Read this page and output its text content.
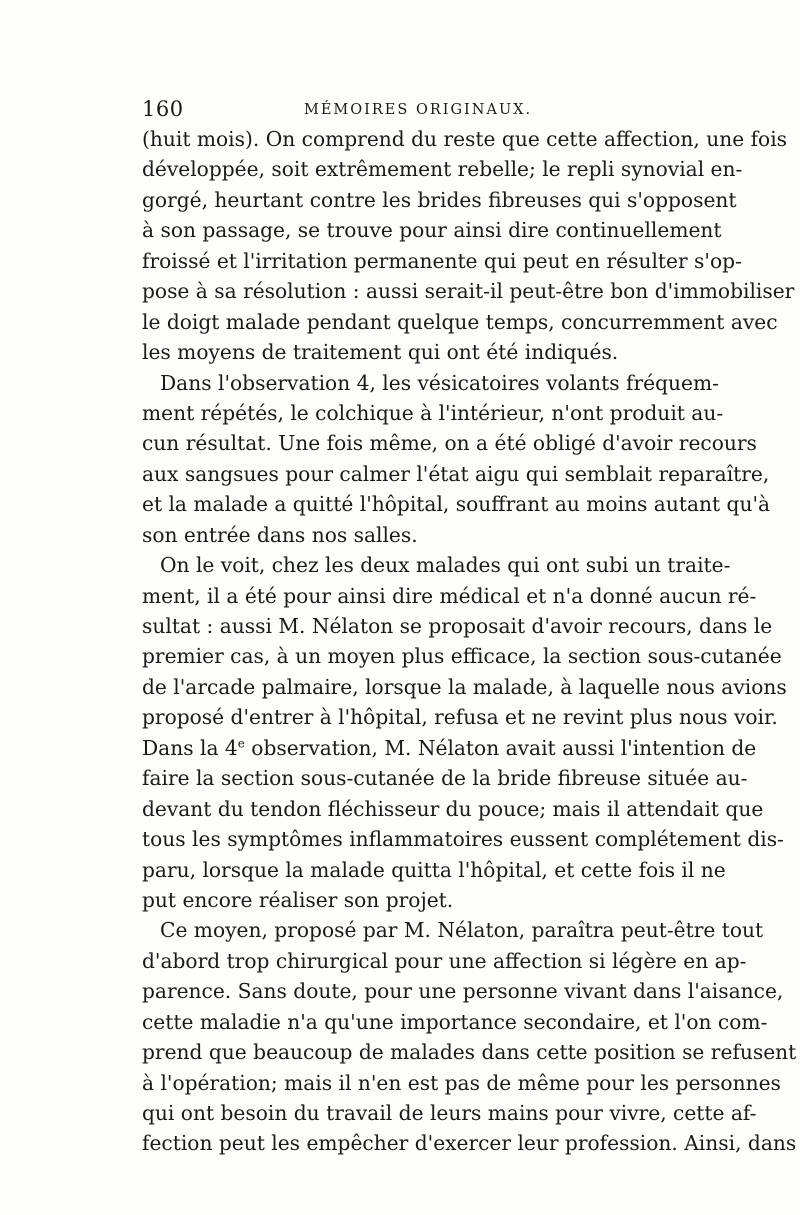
160	MÉMOIRES ORIGINAUX.
(huit mois). On comprend du reste que cette affection, une fois
développée, soit extrêmement rebelle; le repli synovial en-
gorgé, heurtant contre les brides fibreuses qui s'opposent
à son passage, se trouve pour ainsi dire continuellement
froissé et l'irritation permanente qui peut en résulter s'op-
pose à sa résolution : aussi serait-il peut-être bon d'immobiliser
le doigt malade pendant quelque temps, concurremment avec
les moyens de traitement qui ont été indiqués.
Dans l'observation 4, les vésicatoires volants fréquem-
ment répétés, le colchique à l'intérieur, n'ont produit au-
cun résultat. Une fois même, on a été obligé d'avoir recours
aux sangsues pour calmer l'état aigu qui semblait reparaître,
et la malade a quitté l'hôpital, souffrant au moins autant qu'à
son entrée dans nos salles.
On le voit, chez les deux malades qui ont subi un traite-
ment, il a été pour ainsi dire médical et n'a donné aucun ré-
sultat : aussi M. Nélaton se proposait d'avoir recours, dans le
premier cas, à un moyen plus efficace, la section sous-cutanée
de l'arcade palmaire, lorsque la malade, à laquelle nous avions
proposé d'entrer à l'hôpital, refusa et ne revint plus nous voir.
Dans la 4e observation, M. Nélaton avait aussi l'intention de
faire la section sous-cutanée de la bride fibreuse située au-
devant du tendon fléchisseur du pouce; mais il attendait que
tous les symptômes inflammatoires eussent complétement dis-
paru, lorsque la malade quitta l'hôpital, et cette fois il ne
put encore réaliser son projet.
Ce moyen, proposé par M. Nélaton, paraîtra peut-être tout
d'abord trop chirurgical pour une affection si légère en ap-
parence. Sans doute, pour une personne vivant dans l'aisance,
cette maladie n'a qu'une importance secondaire, et l'on com-
prend que beaucoup de malades dans cette position se refusent
à l'opération; mais il n'en est pas de même pour les personnes
qui ont besoin du travail de leurs mains pour vivre, cette af-
fection peut les empêcher d'exercer leur profession. Ainsi, dans
